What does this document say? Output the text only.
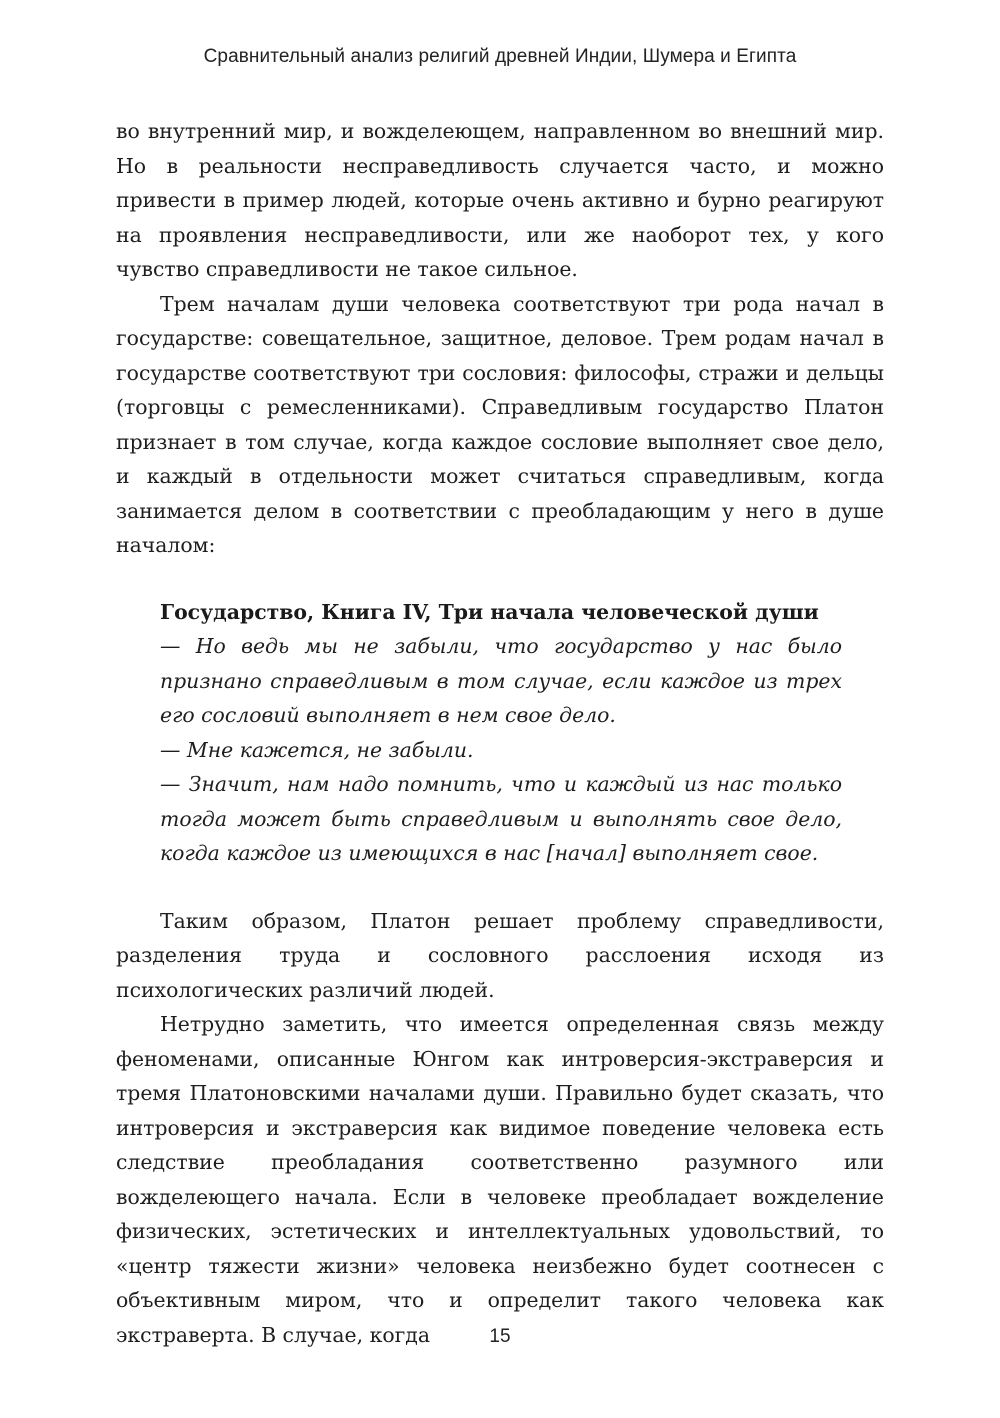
Сравнительный анализ религий древней Индии, Шумера и Египта

во внутренний мир, и вожделеющем, направленном во внешний мир. Но в реальности несправедливость случается часто, и можно привести в пример людей, которые очень активно и бурно реагируют на проявления несправедливости, или же наоборот тех, у кого чувство справедливости не такое сильное.

Трем началам души человека соответствуют три рода начал в государстве: совещательное, защитное, деловое. Трем родам начал в государстве соответствуют три сословия: философы, стражи и дельцы (торговцы с ремесленниками). Справедливым государство Платон признает в том случае, когда каждое сословие выполняет свое дело, и каждый в отдельности может считаться справедливым, когда занимается делом в соответствии с преобладающим у него в душе началом:

Государство, Книга IV, Три начала человеческой души

— Но ведь мы не забыли, что государство у нас было признано справедливым в том случае, если каждое из трех его сословий выполняет в нем свое дело.

— Мне кажется, не забыли.

— Значит, нам надо помнить, что и каждый из нас только тогда может быть справедливым и выполнять свое дело, когда каждое из имеющихся в нас [начал] выполняет свое.

Таким образом, Платон решает проблему справедливости, разделения труда и сословного расслоения исходя из психологических различий людей.

Нетрудно заметить, что имеется определенная связь между феноменами, описанные Юнгом как интроверсия-экстраверсия и тремя Платоновскими началами души. Правильно будет сказать, что интроверсия и экстраверсия как видимое поведение человека есть следствие преобладания соответственно разумного или вожделеющего начала. Если в человеке преобладает вожделение физических, эстетических и интеллектуальных удовольствий, то «центр тяжести жизни» человека неизбежно будет соотнесен с объективным миром, что и определит такого человека как экстраверта. В случае, когда	15
